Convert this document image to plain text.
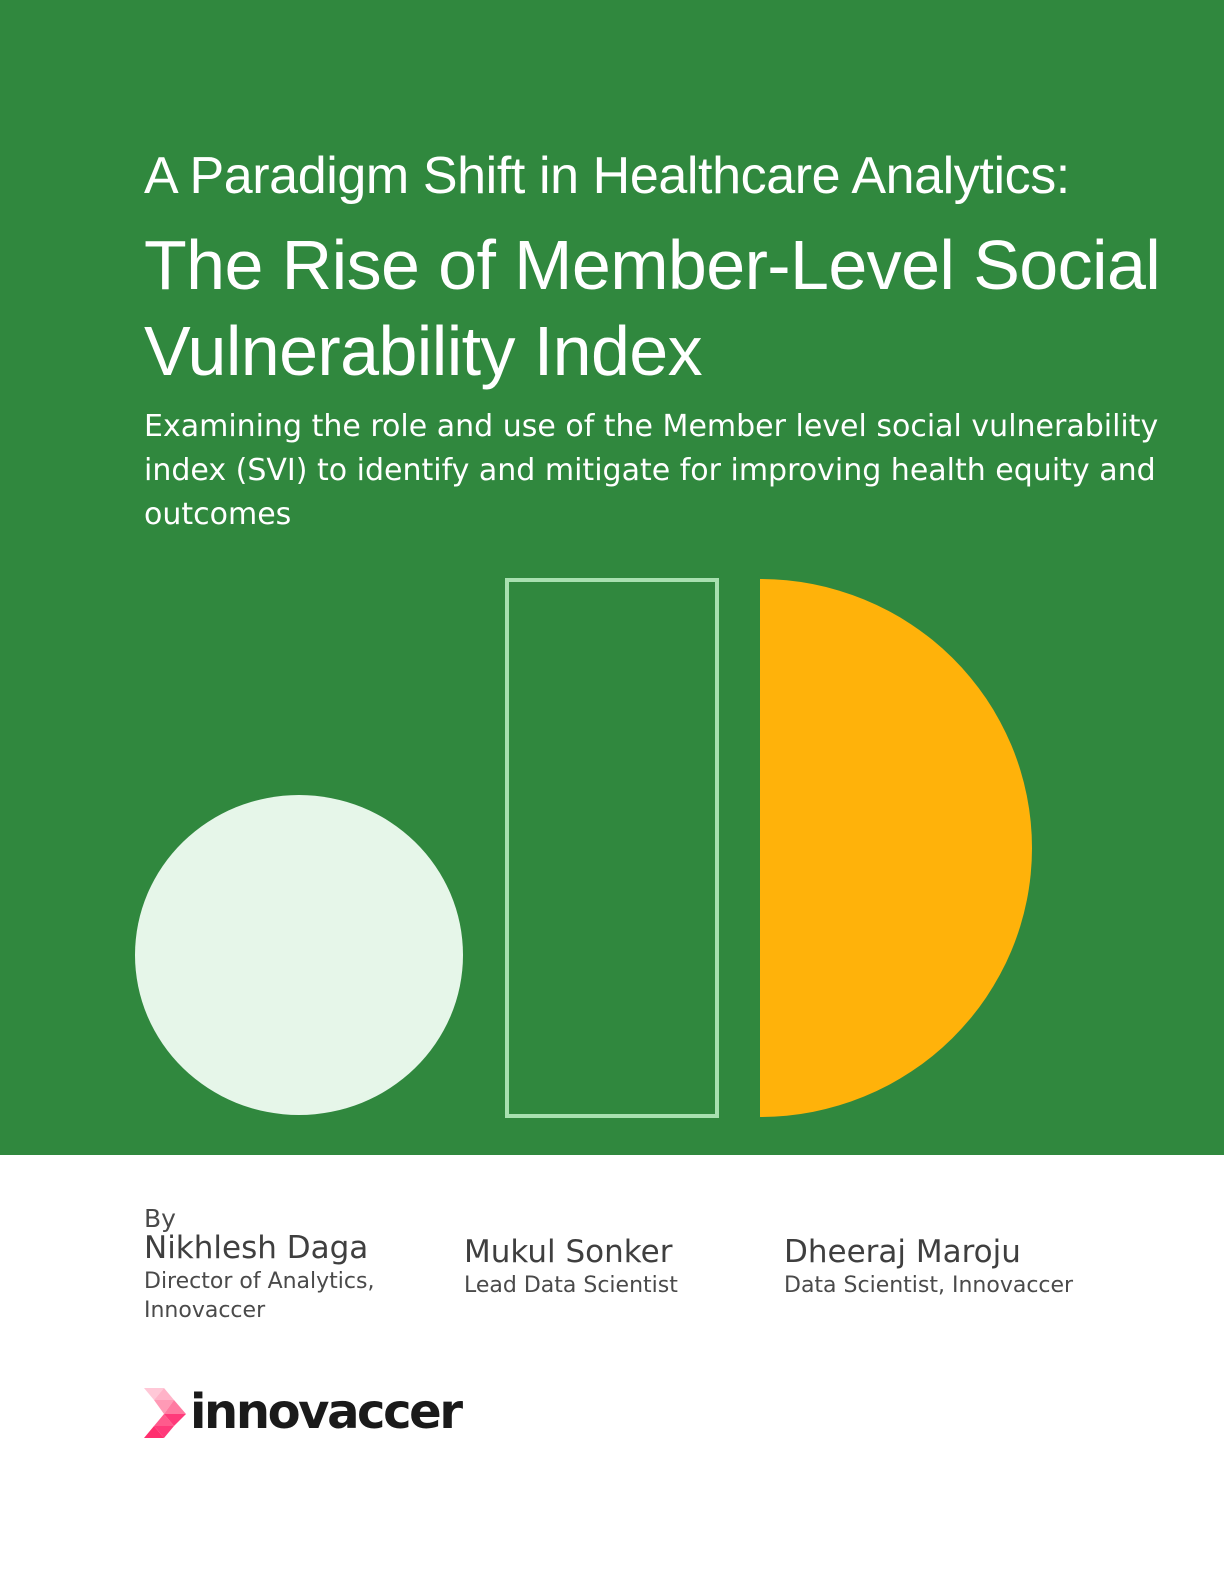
A Paradigm Shift in Healthcare Analytics:
The Rise of Member-Level Social Vulnerability Index
Examining the role and use of the Member level social vulnerability index (SVI) to identify and mitigate for improving health equity and outcomes
By
Nikhlesh Daga
Director of Analytics, Innovaccer
Mukul Sonker
Lead Data Scientist
Dheeraj Maroju
Data Scientist, Innovaccer
innovaccer
